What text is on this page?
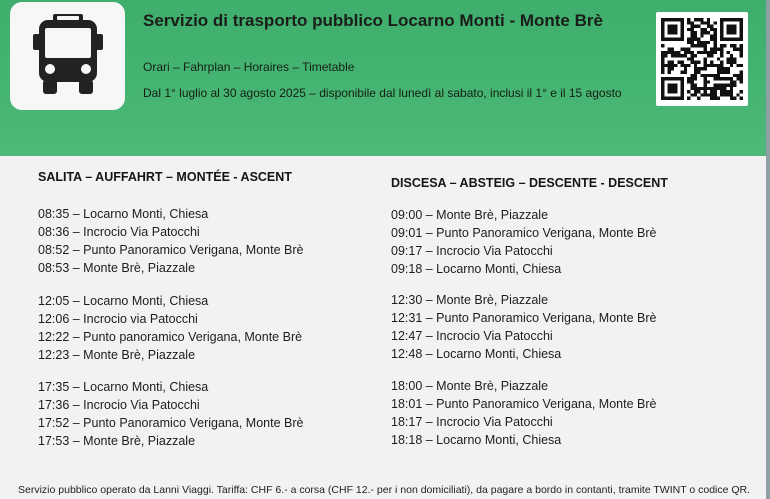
Servizio di trasporto pubblico Locarno Monti - Monte Brè
Orari – Fahrplan – Horaires – Timetable
Dal 1° luglio al 30 agosto 2025 – disponibile dal lunedì al sabato, inclusi il 1° e il 15 agosto
SALITA – AUFFAHRT – MONTÉE - ASCENT
08:35 – Locarno Monti, Chiesa
08:36 – Incrocio Via Patocchi
08:52 – Punto Panoramico Verigana, Monte Brè
08:53 – Monte Brè, Piazzale
12:05 – Locarno Monti, Chiesa
12:06 – Incrocio via Patocchi
12:22 – Punto panoramico Verigana, Monte Brè
12:23 – Monte Brè, Piazzale
17:35 – Locarno Monti, Chiesa
17:36 – Incrocio Via Patocchi
17:52 – Punto Panoramico Verigana, Monte Brè
17:53 – Monte Brè, Piazzale
DISCESA – ABSTEIG – DESCENTE - DESCENT
09:00 – Monte Brè, Piazzale
09:01 – Punto Panoramico Verigana, Monte Brè
09:17 – Incrocio Via Patocchi
09:18 – Locarno Monti, Chiesa
12:30 – Monte Brè, Piazzale
12:31 – Punto Panoramico Verigana, Monte Brè
12:47 – Incrocio Via Patocchi
12:48 – Locarno Monti, Chiesa
18:00 – Monte Brè, Piazzale
18:01 – Punto Panoramico Verigana, Monte Brè
18:17 – Incrocio Via Patocchi
18:18 – Locarno Monti, Chiesa
Servizio pubblico operato da Lanni Viaggi. Tariffa: CHF 6.- a corsa (CHF 12.- per i non domiciliati), da pagare a bordo in contanti, tramite TWINT o codice QR.
